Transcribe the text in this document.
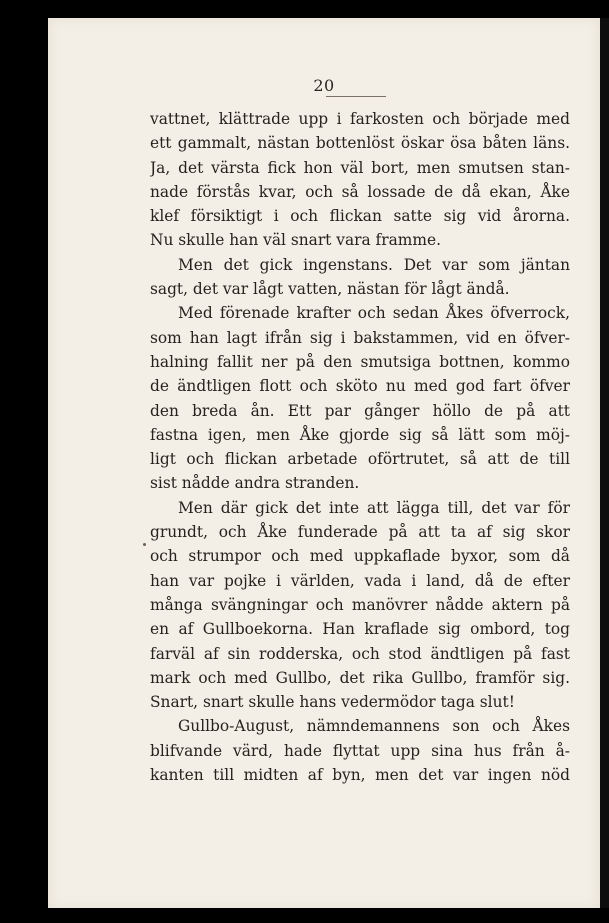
20
vattnet, klättrade upp i farkosten och började med
ett gammalt, nästan bottenlöst öskar ösa båten läns.
Ja, det värsta fick hon väl bort, men smutsen stan-
nade förstås kvar, och så lossade de då ekan, Åke
klef försiktigt i och flickan satte sig vid årorna.
Nu skulle han väl snart vara framme.
Men det gick ingenstans. Det var som jäntan
sagt, det var lågt vatten, nästan för lågt ändå.
Med förenade krafter och sedan Åkes öfverrock,
som han lagt ifrån sig i bakstammen, vid en öfver-
halning fallit ner på den smutsiga bottnen, kommo
de ändtligen flott och sköto nu med god fart öfver
den breda ån. Ett par gånger höllo de på att
fastna igen, men Åke gjorde sig så lätt som möj-
ligt och flickan arbetade oförtrutet, så att de till
sist nådde andra stranden.
Men där gick det inte att lägga till, det var för
grundt, och Åke funderade på att ta af sig skor
och strumpor och med uppkaflade byxor, som då
han var pojke i världen, vada i land, då de efter
många svängningar och manövrer nådde aktern på
en af Gullboekorna. Han kraflade sig ombord, tog
farväl af sin rodderska, och stod ändtligen på fast
mark och med Gullbo, det rika Gullbo, framför sig.
Snart, snart skulle hans vedermödor taga slut!
Gullbo-August, nämndemannens son och Åkes
blifvande värd, hade flyttat upp sina hus från å-
kanten till midten af byn, men det var ingen nöd
